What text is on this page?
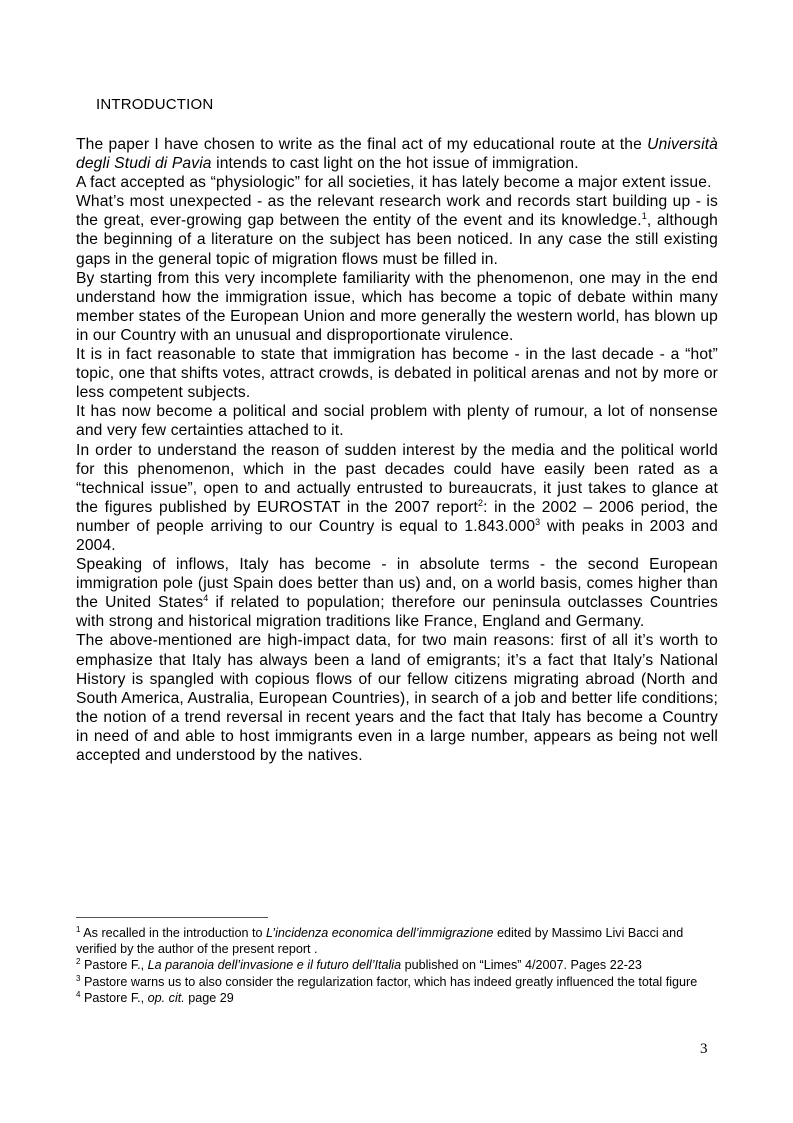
INTRODUCTION

The paper I have chosen to write as the final act of my educational route at the Università degli Studi di Pavia intends to cast light on the hot issue of immigration.

A fact accepted as “physiologic” for all societies, it has lately become a major extent issue.

What’s most unexpected - as the relevant research work and records start building up - is the great, ever-growing gap between the entity of the event and its knowledge.$^1$, although the beginning of a literature on the subject has been noticed. In any case the still existing gaps in the general topic of migration flows must be filled in.

By starting from this very incomplete familiarity with the phenomenon, one may in the end understand how the immigration issue, which has become a topic of debate within many member states of the European Union and more generally the western world, has blown up in our Country with an unusual and disproportionate virulence.

It is in fact reasonable to state that immigration has become - in the last decade - a “hot” topic, one that shifts votes, attract crowds, is debated in political arenas and not by more or less competent subjects.

It has now become a political and social problem with plenty of rumour, a lot of nonsense and very few certainties attached to it.

In order to understand the reason of sudden interest by the media and the political world for this phenomenon, which in the past decades could have easily been rated as a “technical issue”, open to and actually entrusted to bureaucrats, it just takes to glance at the figures published by EUROSTAT in the 2007 report$^2$: in the 2002 – 2006 period, the number of people arriving to our Country is equal to 1.843.000$^3$ with peaks in 2003 and 2004.

Speaking of inflows, Italy has become - in absolute terms - the second European immigration pole (just Spain does better than us) and, on a world basis, comes higher than the United States$^4$ if related to population; therefore our peninsula outclasses Countries with strong and historical migration traditions like France, England and Germany.

The above-mentioned are high-impact data, for two main reasons: first of all it’s worth to emphasize that Italy has always been a land of emigrants; it’s a fact that Italy’s National History is spangled with copious flows of our fellow citizens migrating abroad (North and South America, Australia, European Countries), in search of a job and better life conditions; the notion of a trend reversal in recent years and the fact that Italy has become a Country in need of and able to host immigrants even in a large number, appears as being not well accepted and understood by the natives.

$^1$ As recalled in the introduction to L’incidenza economica dell’immigrazione edited by Massimo Livi Bacci and verified by the author of the present report .

$^2$ Pastore F., La paranoia dell’invasione e il futuro dell’Italia published on “Limes” 4/2007. Pages 22-23

$^3$ Pastore warns us to also consider the regularization factor, which has indeed greatly influenced the total figure

$^4$ Pastore F., op. cit. page 29

3
